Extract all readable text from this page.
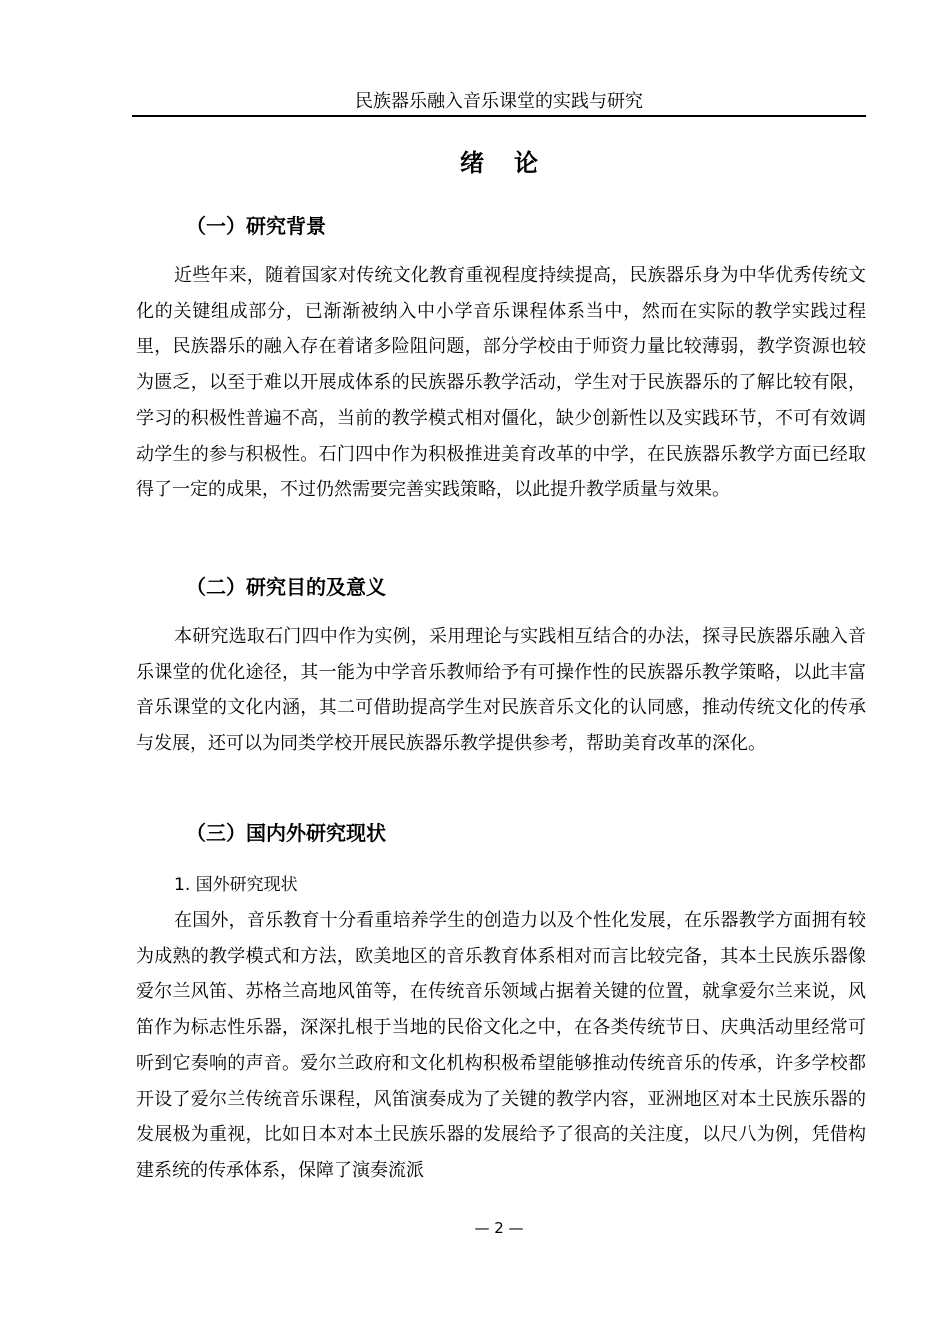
民族器乐融入音乐课堂的实践与研究
绪论
（一）研究背景

近些年来，随着国家对传统文化教育重视程度持续提高，民族器乐身为中华优秀传统文化的关键组成部分，已渐渐被纳入中小学音乐课程体系当中，然而在实际的教学实践过程里，民族器乐的融入存在着诸多险阻问题，部分学校由于师资力量比较薄弱，教学资源也较为匮乏，以至于难以开展成体系的民族器乐教学活动，学生对于民族器乐的了解比较有限，学习的积极性普遍不高，当前的教学模式相对僵化，缺少创新性以及实践环节，不可有效调动学生的参与积极性。石门四中作为积极推进美育改革的中学，在民族器乐教学方面已经取得了一定的成果，不过仍然需要完善实践策略，以此提升教学质量与效果。

（二）研究目的及意义

本研究选取石门四中作为实例，采用理论与实践相互结合的办法，探寻民族器乐融入音乐课堂的优化途径，其一能为中学音乐教师给予有可操作性的民族器乐教学策略，以此丰富音乐课堂的文化内涵，其二可借助提高学生对民族音乐文化的认同感，推动传统文化的传承与发展，还可以为同类学校开展民族器乐教学提供参考，帮助美育改革的深化。

（三）国内外研究现状
1. 国外研究现状

在国外，音乐教育十分看重培养学生的创造力以及个性化发展，在乐器教学方面拥有较为成熟的教学模式和方法，欧美地区的音乐教育体系相对而言比较完备，其本土民族乐器像爱尔兰风笛、苏格兰高地风笛等，在传统音乐领域占据着关键的位置，就拿爱尔兰来说，风笛作为标志性乐器，深深扎根于当地的民俗文化之中，在各类传统节日、庆典活动里经常可听到它奏响的声音。爱尔兰政府和文化机构积极希望能够推动传统音乐的传承，许多学校都开设了爱尔兰传统音乐课程，风笛演奏成为了关键的教学内容，亚洲地区对本土民族乐器的发展极为重视，比如日本对本土民族乐器的发展给予了很高的关注度，以尺八为例，凭借构建系统的传承体系，保障了演奏流派

— 2 —
